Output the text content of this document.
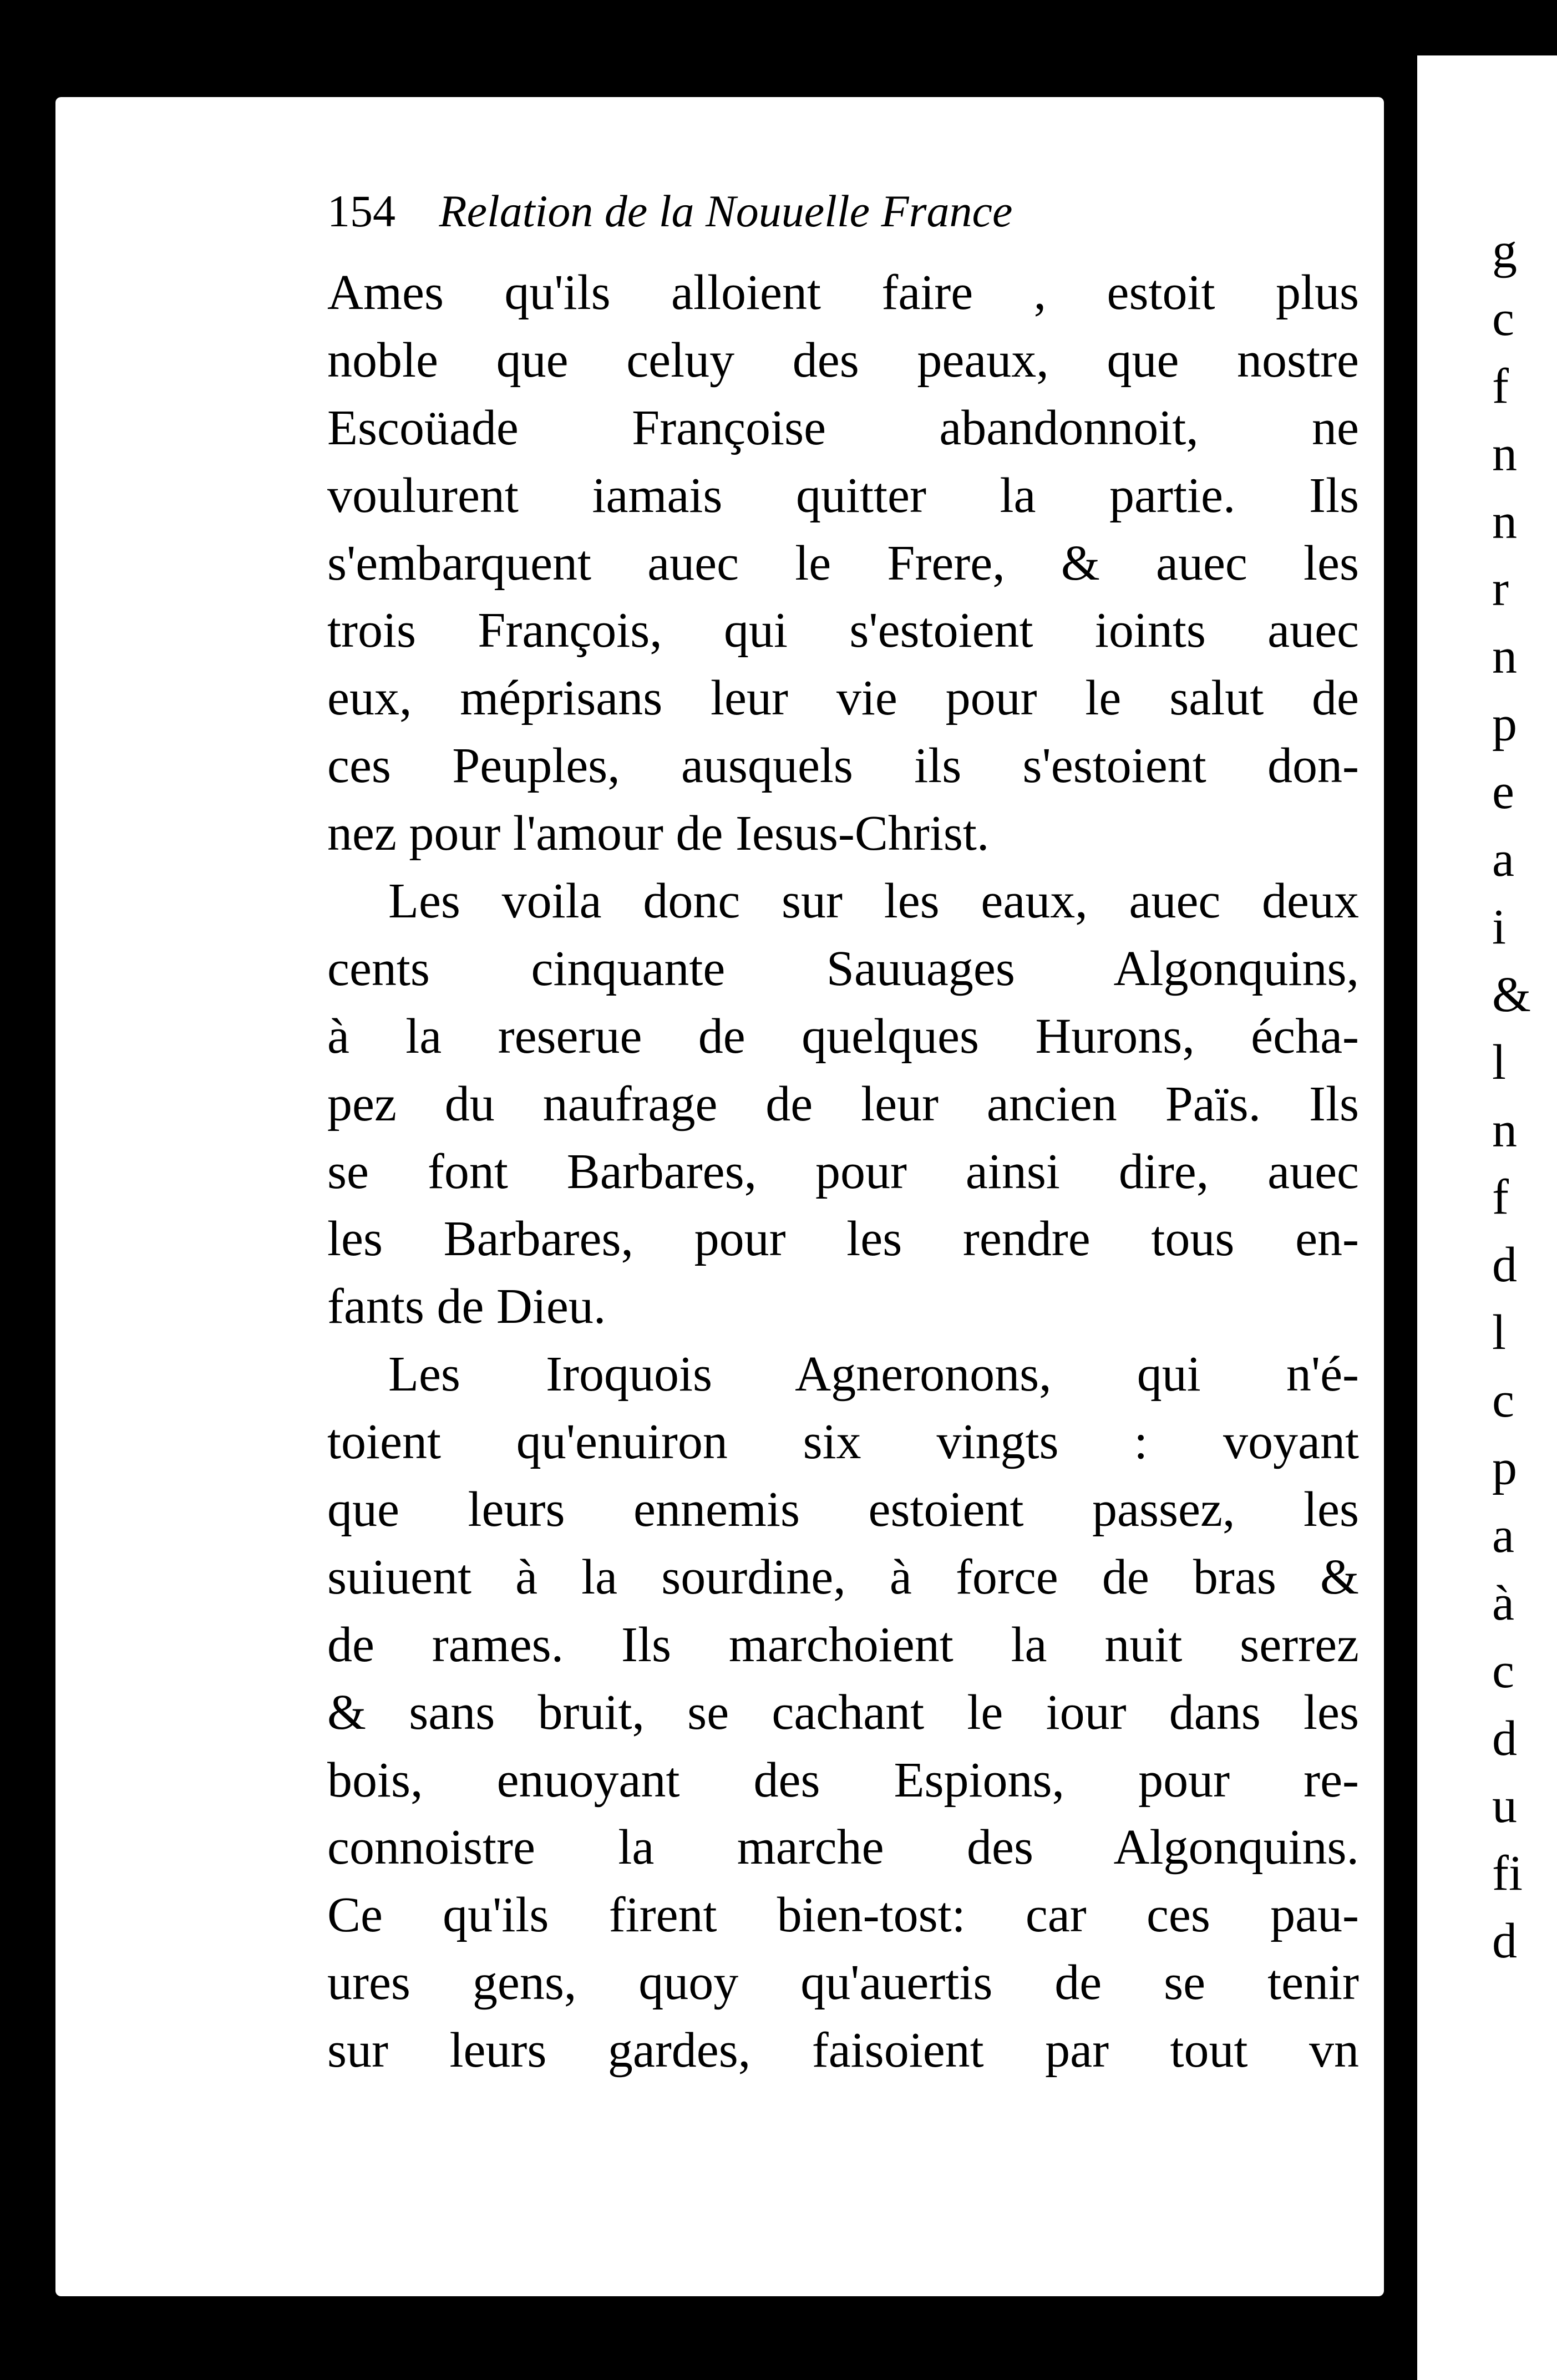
154 Relation de la Nouuelle France
Ames qu'ils alloient faire , estoit plus
noble que celuy des peaux, que nostre
Escoüade Françoise abandonnoit, ne
voulurent iamais quitter la partie. Ils
s'embarquent auec le Frere, & auec les
trois François, qui s'estoient ioints auec
eux, méprisans leur vie pour le salut de
ces Peuples, ausquels ils s'estoient don-
nez pour l'amour de Iesus-Christ.
Les voila donc sur les eaux, auec deux
cents cinquante Sauuages Algonquins,
à la reserue de quelques Hurons, écha-
pez du naufrage de leur ancien Païs. Ils
se font Barbares, pour ainsi dire, auec
les Barbares, pour les rendre tous en-
fants de Dieu.
Les Iroquois Agneronons, qui n'é-
toient qu'enuiron six vingts : voyant
que leurs ennemis estoient passez, les
suiuent à la sourdine, à force de bras &
de rames. Ils marchoient la nuit serrez
& sans bruit, se cachant le iour dans les
bois, enuoyant des Espions, pour re-
connoistre la marche des Algonquins.
Ce qu'ils firent bien-tost: car ces pau-
ures gens, quoy qu'auertis de se tenir
sur leurs gardes, faisoient par tout vn
g
c
f
n
n
r
n
p
e
a
i
&
l
n
f
d
l
c
p
a
à
c
d
u
fi
d
